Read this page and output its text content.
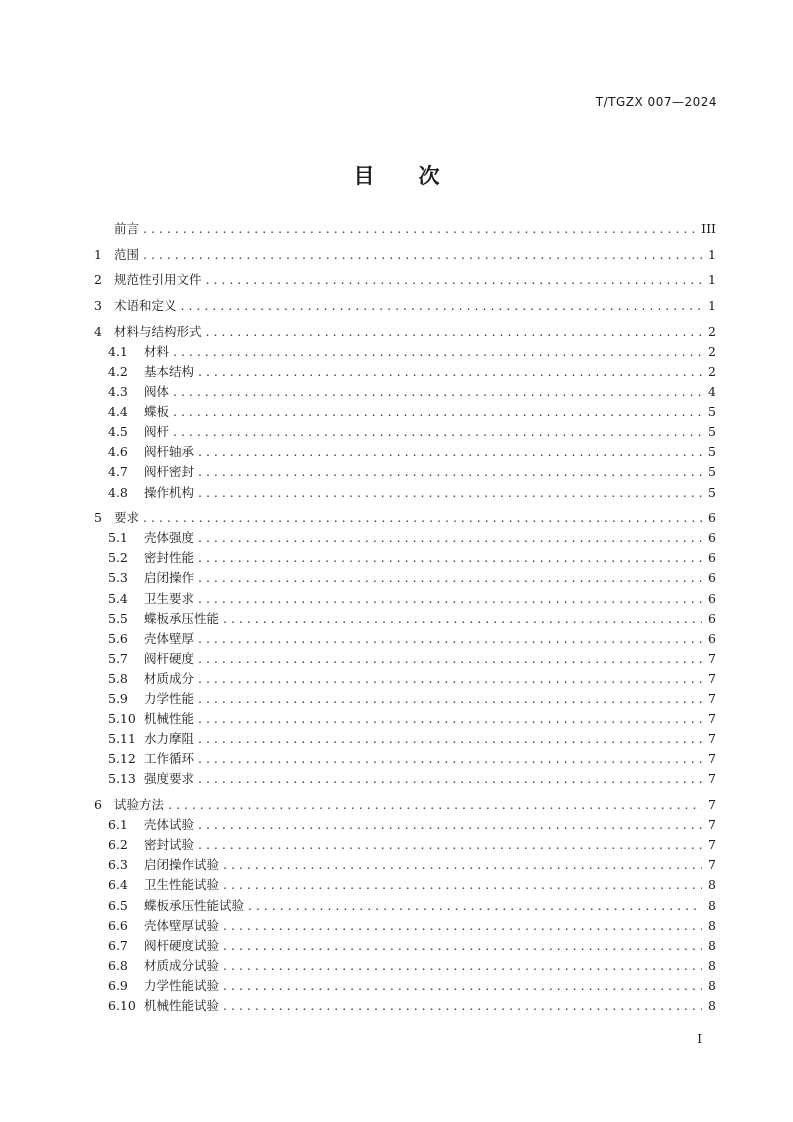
T/TGZX 007—2024
目 次
前言 . . .	III
1 范围 . . .	1
2 规范性引用文件 . . .	1
3 术语和定义 . . .	1
4 材料与结构形式 . . .	2
4.1	材料 . . .	2
4.2	基本结构 . . .	2
4.3	阀体 . . .	4
4.4	蝶板 . . .	5
4.5	阀杆 . . .	5
4.6	阀杆轴承 . . .	5
4.7	阀杆密封 . . .	5
4.8	操作机构 . . .	5
5 要求 . . .	6
5.1	壳体强度 . . .	6
5.2	密封性能 . . .	6
5.3	启闭操作 . . .	6
5.4	卫生要求 . . .	6
5.5	蝶板承压性能 . . .	6
5.6	壳体壁厚 . . .	6
5.7	阀杆硬度 . . .	7
5.8	材质成分 . . .	7
5.9	力学性能 . . .	7
5.10 机械性能 . . .	7
5.11 水力摩阻 . . .	7
5.12 工作循环 . . .	7
5.13 强度要求 . . .	7
6 试验方法 . . .	7
6.1	壳体试验 . . .	7
6.2	密封试验 . . .	7
6.3	启闭操作试验 . . .	7
6.4	卫生性能试验 . . .	8
6.5	蝶板承压性能试验 . . .	8
6.6	壳体壁厚试验 . . .	8
6.7	阀杆硬度试验 . . .	8
6.8	材质成分试验 . . .	8
6.9	力学性能试验 . . .	8
6.10 机械性能试验 . . .	8
I
